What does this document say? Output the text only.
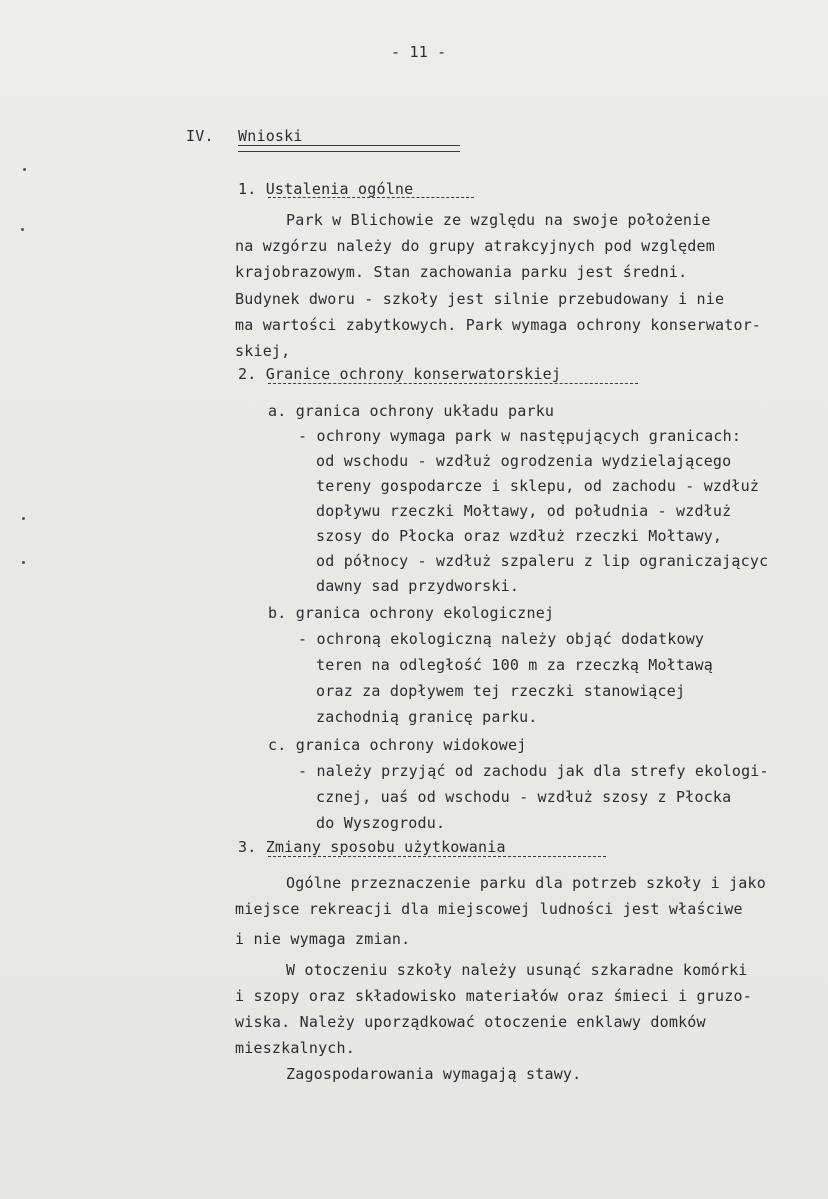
- 11 -
IV. Wnioski
1. Ustalenia ogólne
Park w Blichowie ze względu na swoje położenie
na wzgórzu należy do grupy atrakcyjnych pod względem
krajobrazowym. Stan zachowania parku jest średni.
Budynek dworu - szkoły jest silnie przebudowany i nie
ma wartości zabytkowych. Park wymaga ochrony konserwator-
skiej,
2. Granice ochrony konserwatorskiej
a. granica ochrony układu parku
- ochrony wymaga park w następujących granicach:
od wschodu - wzdłuż ogrodzenia wydzielającego
tereny gospodarcze i sklepu, od zachodu - wzdłuż
dopływu rzeczki Mołtawy, od południa - wzdłuż
szosy do Płocka oraz wzdłuż rzeczki Mołtawy,
od północy - wzdłuż szpaleru z lip ograniczającyc
dawny sad przydworski.
b. granica ochrony ekologicznej
- ochroną ekologiczną należy objąć dodatkowy
teren na odległość 100 m za rzeczką Mołtawą
oraz za dopływem tej rzeczki stanowiącej
zachodnią granicę parku.
c. granica ochrony widokowej
- należy przyjąć od zachodu jak dla strefy ekologi-
cznej, uaś od wschodu - wzdłuż szosy z Płocka
do Wyszogrodu.
3. Zmiany sposobu użytkowania
Ogólne przeznaczenie parku dla potrzeb szkoły i jako
miejsce rekreacji dla miejscowej ludności jest właściwe
i nie wymaga zmian.
W otoczeniu szkoły należy usunąć szkaradne komórki
i szopy oraz składowisko materiałów oraz śmieci i gruzo-
wiska. Należy uporządkować otoczenie enklawy domków
mieszkalnych.
Zagospodarowania wymagają stawy.
